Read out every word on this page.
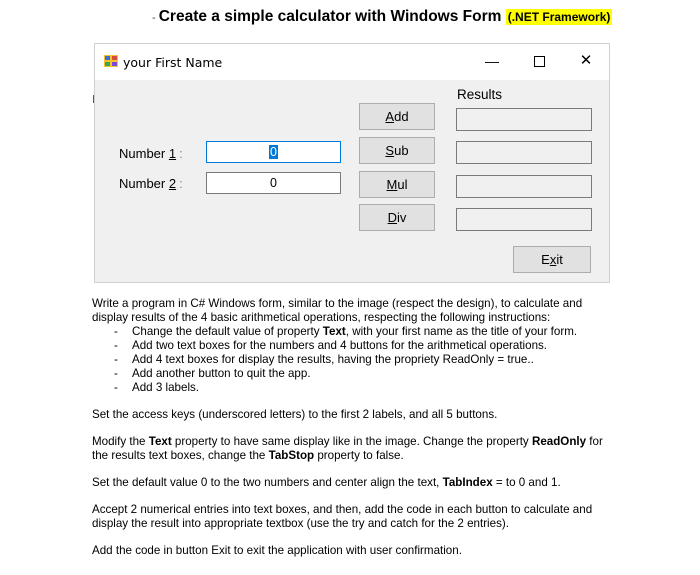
- Create a simple calculator with Windows Form (.NET Framework)
your First Name	—	✕
Number 1 :
Number 2 :
0
0
Add
Sub
Mul
Div
Results
Exit

Write a program in C# Windows form, similar to the image (respect the design), to calculate and display results of the 4 basic arithmetical operations, respecting the following instructions:

- Change the default value of property Text, with your first name as the title of your form.
- Add two text boxes for the numbers and 4 buttons for the arithmetical operations.
- Add 4 text boxes for display the results, having the propriety ReadOnly = true..
- Add another button to quit the app.
- Add 3 labels.

Set the access keys (underscored letters) to the first 2 labels, and all 5 buttons.

Modify the Text property to have same display like in the image. Change the property ReadOnly for the results text boxes, change the TabStop property to false.

Set the default value 0 to the two numbers and center align the text, TabIndex = to 0 and 1.

Accept 2 numerical entries into text boxes, and then, add the code in each button to calculate and display the result into appropriate textbox (use the try and catch for the 2 entries).

Add the code in button Exit to exit the application with user confirmation.
